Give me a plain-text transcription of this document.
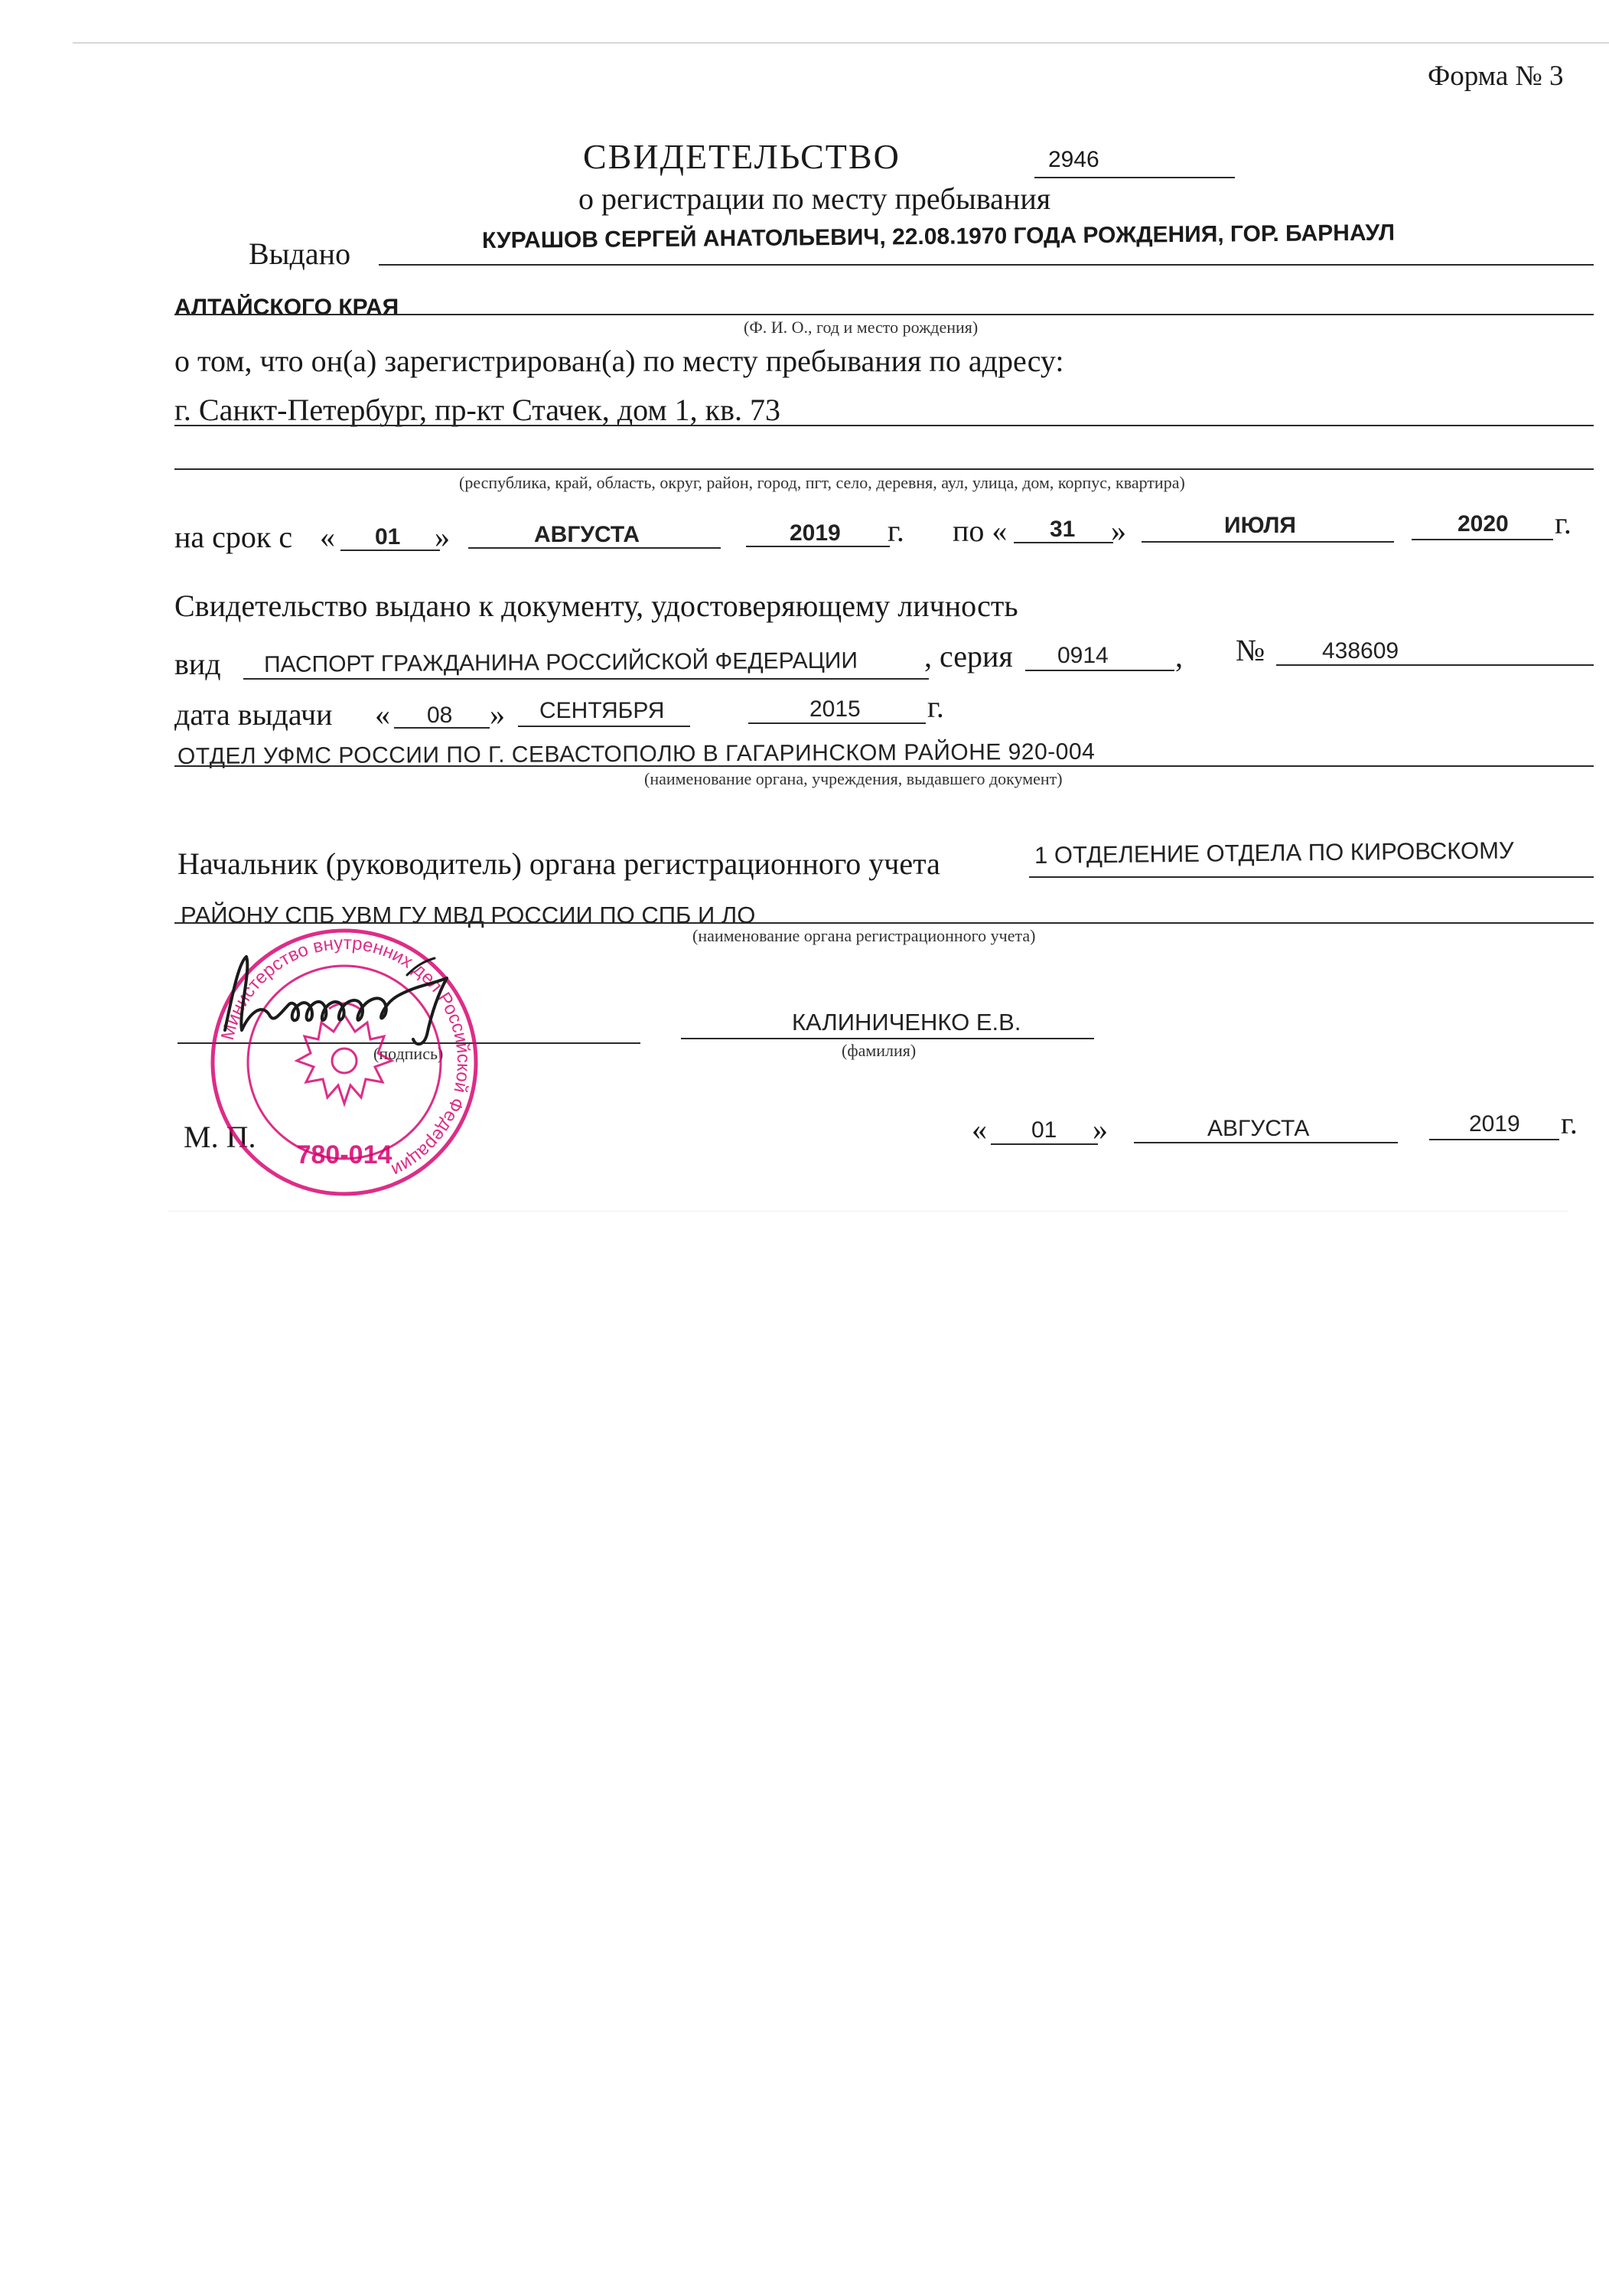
Форма № 3
СВИДЕТЕЛЬСТВО	2946
о регистрации по месту пребывания
Выдано	КУРАШОВ СЕРГЕЙ АНАТОЛЬЕВИЧ, 22.08.1970 ГОДА РОЖДЕНИЯ, ГОР. БАРНАУЛ
АЛТАЙСКОГО КРАЯ
(Ф. И. О., год и место рождения)
о том, что он(а) зарегистрирован(а) по месту пребывания по адресу:
г. Санкт-Петербург, пр-кт Стачек, дом 1, кв. 73
(республика, край, область, округ, район, город, пгт, село, деревня, аул, улица, дом, корпус, квартира)
на срок с « 01 »	АВГУСТА	2019 г. по « 31 »	ИЮЛЯ	2020 г.
Свидетельство выдано к документу, удостоверяющему личность
вид ПАСПОРТ ГРАЖДАНИНА РОССИЙСКОЙ ФЕДЕРАЦИИ , серия 0914 , № 438609
дата выдачи « 08 » СЕНТЯБРЯ	2015 г.
ОТДЕЛ УФМС РОССИИ ПО Г. СЕВАСТОПОЛЮ В ГАГАРИНСКОМ РАЙОНЕ 920-004
(наименование органа, учреждения, выдавшего документ)
Начальник (руководитель) органа регистрационного учета	1 ОТДЕЛЕНИЕ ОТДЕЛА ПО КИРОВСКОМУ
РАЙОНУ СПБ УВМ ГУ МВД РОССИИ ПО СПБ И ЛО
(наименование органа регистрационного учета)
(подпись)
КАЛИНИЧЕНКО Е.В.
(фамилия)
М. П.	« 01 »	АВГУСТА	2019 г.
Министерство внутренних дел Российской Федерации
780-014
